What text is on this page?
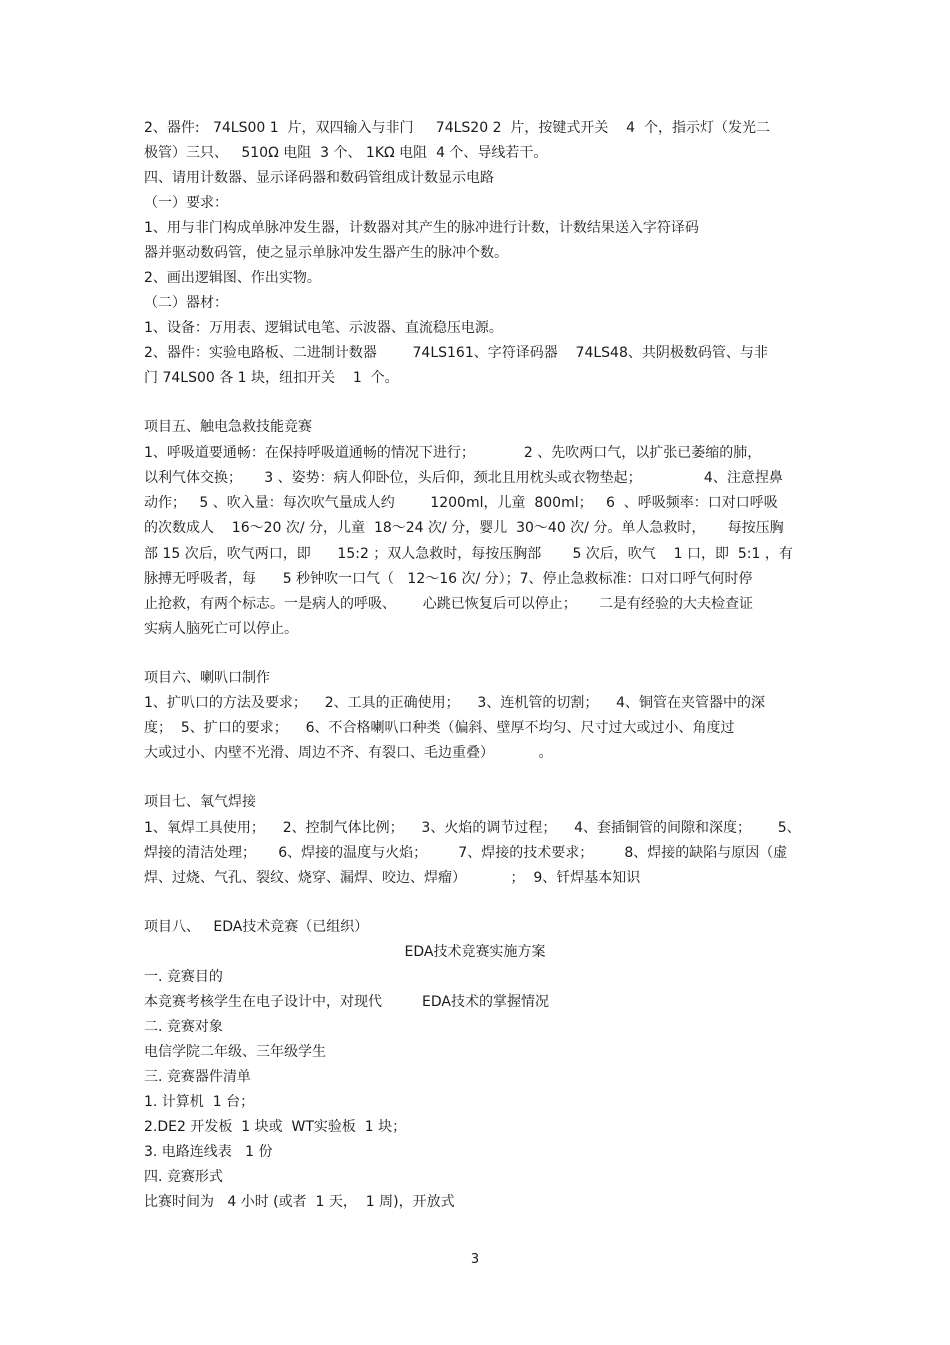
2、器件:   74LS00 1  片，双四输入与非门     74LS20 2  片，按键式开关    4  个，指示灯（发光二
极管）三只、   510Ω 电阻  3 个、 1KΩ 电阻  4 个、导线若干。
四、请用计数器、显示译码器和数码管组成计数显示电路
（一）要求：
1、用与非门构成单脉冲发生器，计数器对其产生的脉冲进行计数，计数结果送入字符译码
器并驱动数码管，使之显示单脉冲发生器产生的脉冲个数。
2、画出逻辑图、作出实物。
（二）器材：
1、设备：万用表、逻辑试电笔、示波器、直流稳压电源。
2、器件：实验电路板、二进制计数器        74LS161、字符译码器    74LS48、共阴极数码管、与非
门 74LS00 各 1 块，纽扣开关    1  个。
项目五、触电急救技能竞赛
1、呼吸道要通畅：在保持呼吸道通畅的情况下进行；           2 、先吹两口气，以扩张已萎缩的肺，
以利气体交换；     3 、姿势：病人仰卧位，头后仰，颈北且用枕头或衣物垫起；              4、注意捏鼻
动作；   5 、吹入量：每次吹气量成人约        1200ml，儿童  800ml；   6  、呼吸频率：口对口呼吸
的次数成人    16～20 次/ 分，儿童  18～24 次/ 分，婴儿  30～40 次/ 分。单人急救时，     每按压胸
部 15 次后，吹气两口，即      15:2 ；双人急救时，每按压胸部       5 次后，吹气    1 口，即  5:1 ，有
脉搏无呼吸者，每      5 秒钟吹一口气（   12～16 次/ 分）；7、停止急救标准：口对口呼气何时停
止抢救，有两个标志。一是病人的呼吸、      心跳已恢复后可以停止；     二是有经验的大夫检查证
实病人脑死亡可以停止。
项目六、喇叭口制作
1、扩叭口的方法及要求；    2、工具的正确使用；    3、连机管的切割；    4、铜管在夹管器中的深
度；  5、扩口的要求；    6、不合格喇叭口种类（偏斜、壁厚不均匀、尺寸过大或过小、角度过
大或过小、内壁不光滑、周边不齐、有裂口、毛边重叠）          。
项目七、氧气焊接
1、氧焊工具使用；    2、控制气体比例；    3、火焰的调节过程；    4、套插铜管的间隙和深度；      5、
焊接的清洁处理；     6、焊接的温度与火焰；       7、焊接的技术要求；       8、焊接的缺陷与原因（虚
焊、过烧、气孔、裂纹、烧穿、漏焊、咬边、焊瘤）          ；  9、钎焊基本知识
项目八、   EDA技术竞赛（已组织）
EDA技术竞赛实施方案
一. 竞赛目的
本竞赛考核学生在电子设计中，对现代         EDA技术的掌握情况
二. 竞赛对象
电信学院二年级、三年级学生
三. 竞赛器件清单
1. 计算机  1 台；
2.DE2 开发板  1 块或  WT实验板  1 块；
3. 电路连线表   1 份
四. 竞赛形式
比赛时间为   4 小时 (或者  1 天，  1 周)，开放式
3
